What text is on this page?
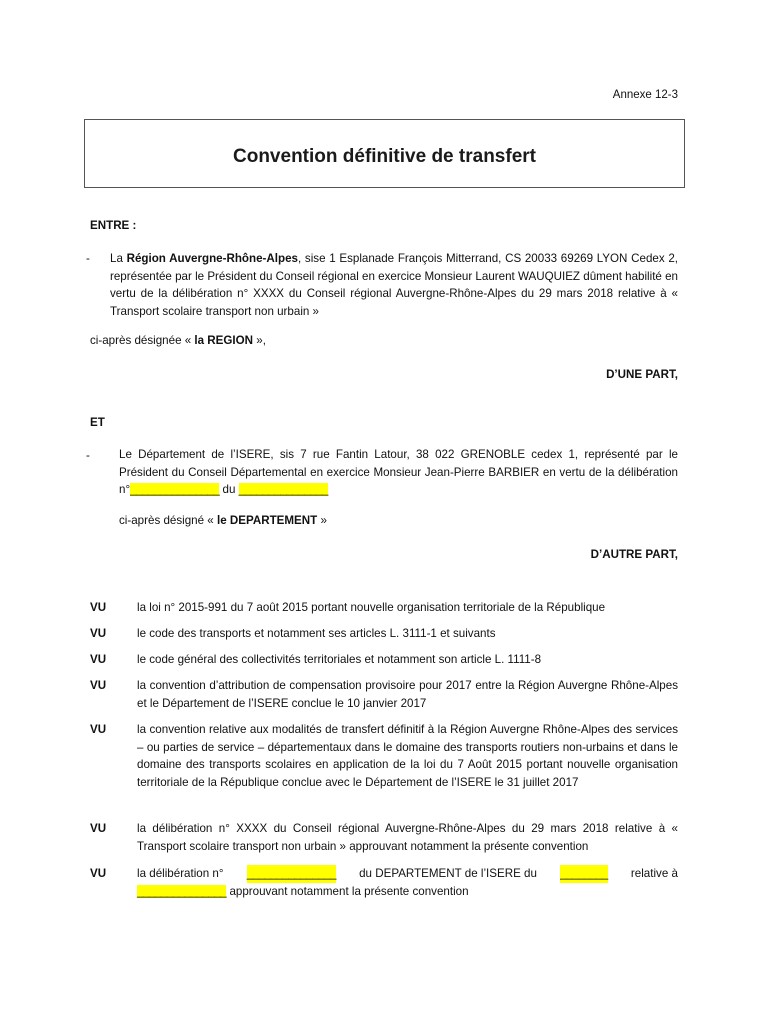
Annexe 12-3
Convention définitive de transfert
ENTRE :
- La Région Auvergne-Rhône-Alpes, sise 1 Esplanade François Mitterrand, CS 20033 69269 LYON Cedex 2, représentée par le Président du Conseil régional en exercice Monsieur Laurent WAUQUIEZ dûment habilité en vertu de la délibération n° XXXX du Conseil régional Auvergne-Rhône-Alpes du 29 mars 2018 relative à « Transport scolaire transport non urbain »
ci-après désignée « la REGION »,
D’UNE PART,
ET
-	Le Département de l’ISERE, sis 7 rue Fantin Latour, 38 022 GRENOBLE cedex 1, représenté par le Président du Conseil Départemental en exercice Monsieur Jean-Pierre BARBIER en vertu de la délibération n°_______________ du _______________
ci-après désigné « le DEPARTEMENT »
D’AUTRE PART,
VU	la loi n° 2015-991 du 7 août 2015 portant nouvelle organisation territoriale de la République
VU	le code des transports et notamment ses articles L. 3111-1 et suivants
VU	le code général des collectivités territoriales et notamment son article L. 1111-8
VU	la convention d’attribution de compensation provisoire pour 2017 entre la Région Auvergne Rhône-Alpes et le Département de l’ISERE conclue le 10 janvier 2017
VU	la convention relative aux modalités de transfert définitif à la Région Auvergne Rhône-Alpes des services – ou parties de service – départementaux dans le domaine des transports routiers non-urbains et dans le domaine des transports scolaires en application de la loi du 7 Août 2015 portant nouvelle organisation territoriale de la République conclue avec le Département de l’ISERE le 31 juillet 2017
VU	la délibération n° XXXX du Conseil régional Auvergne-Rhône-Alpes du 29 mars 2018 relative à « Transport scolaire transport non urbain » approuvant notamment la présente convention
VU	la délibération n° _______________ du DEPARTEMENT de l’ISERE du ________ relative à
_______________ approuvant notamment la présente convention
